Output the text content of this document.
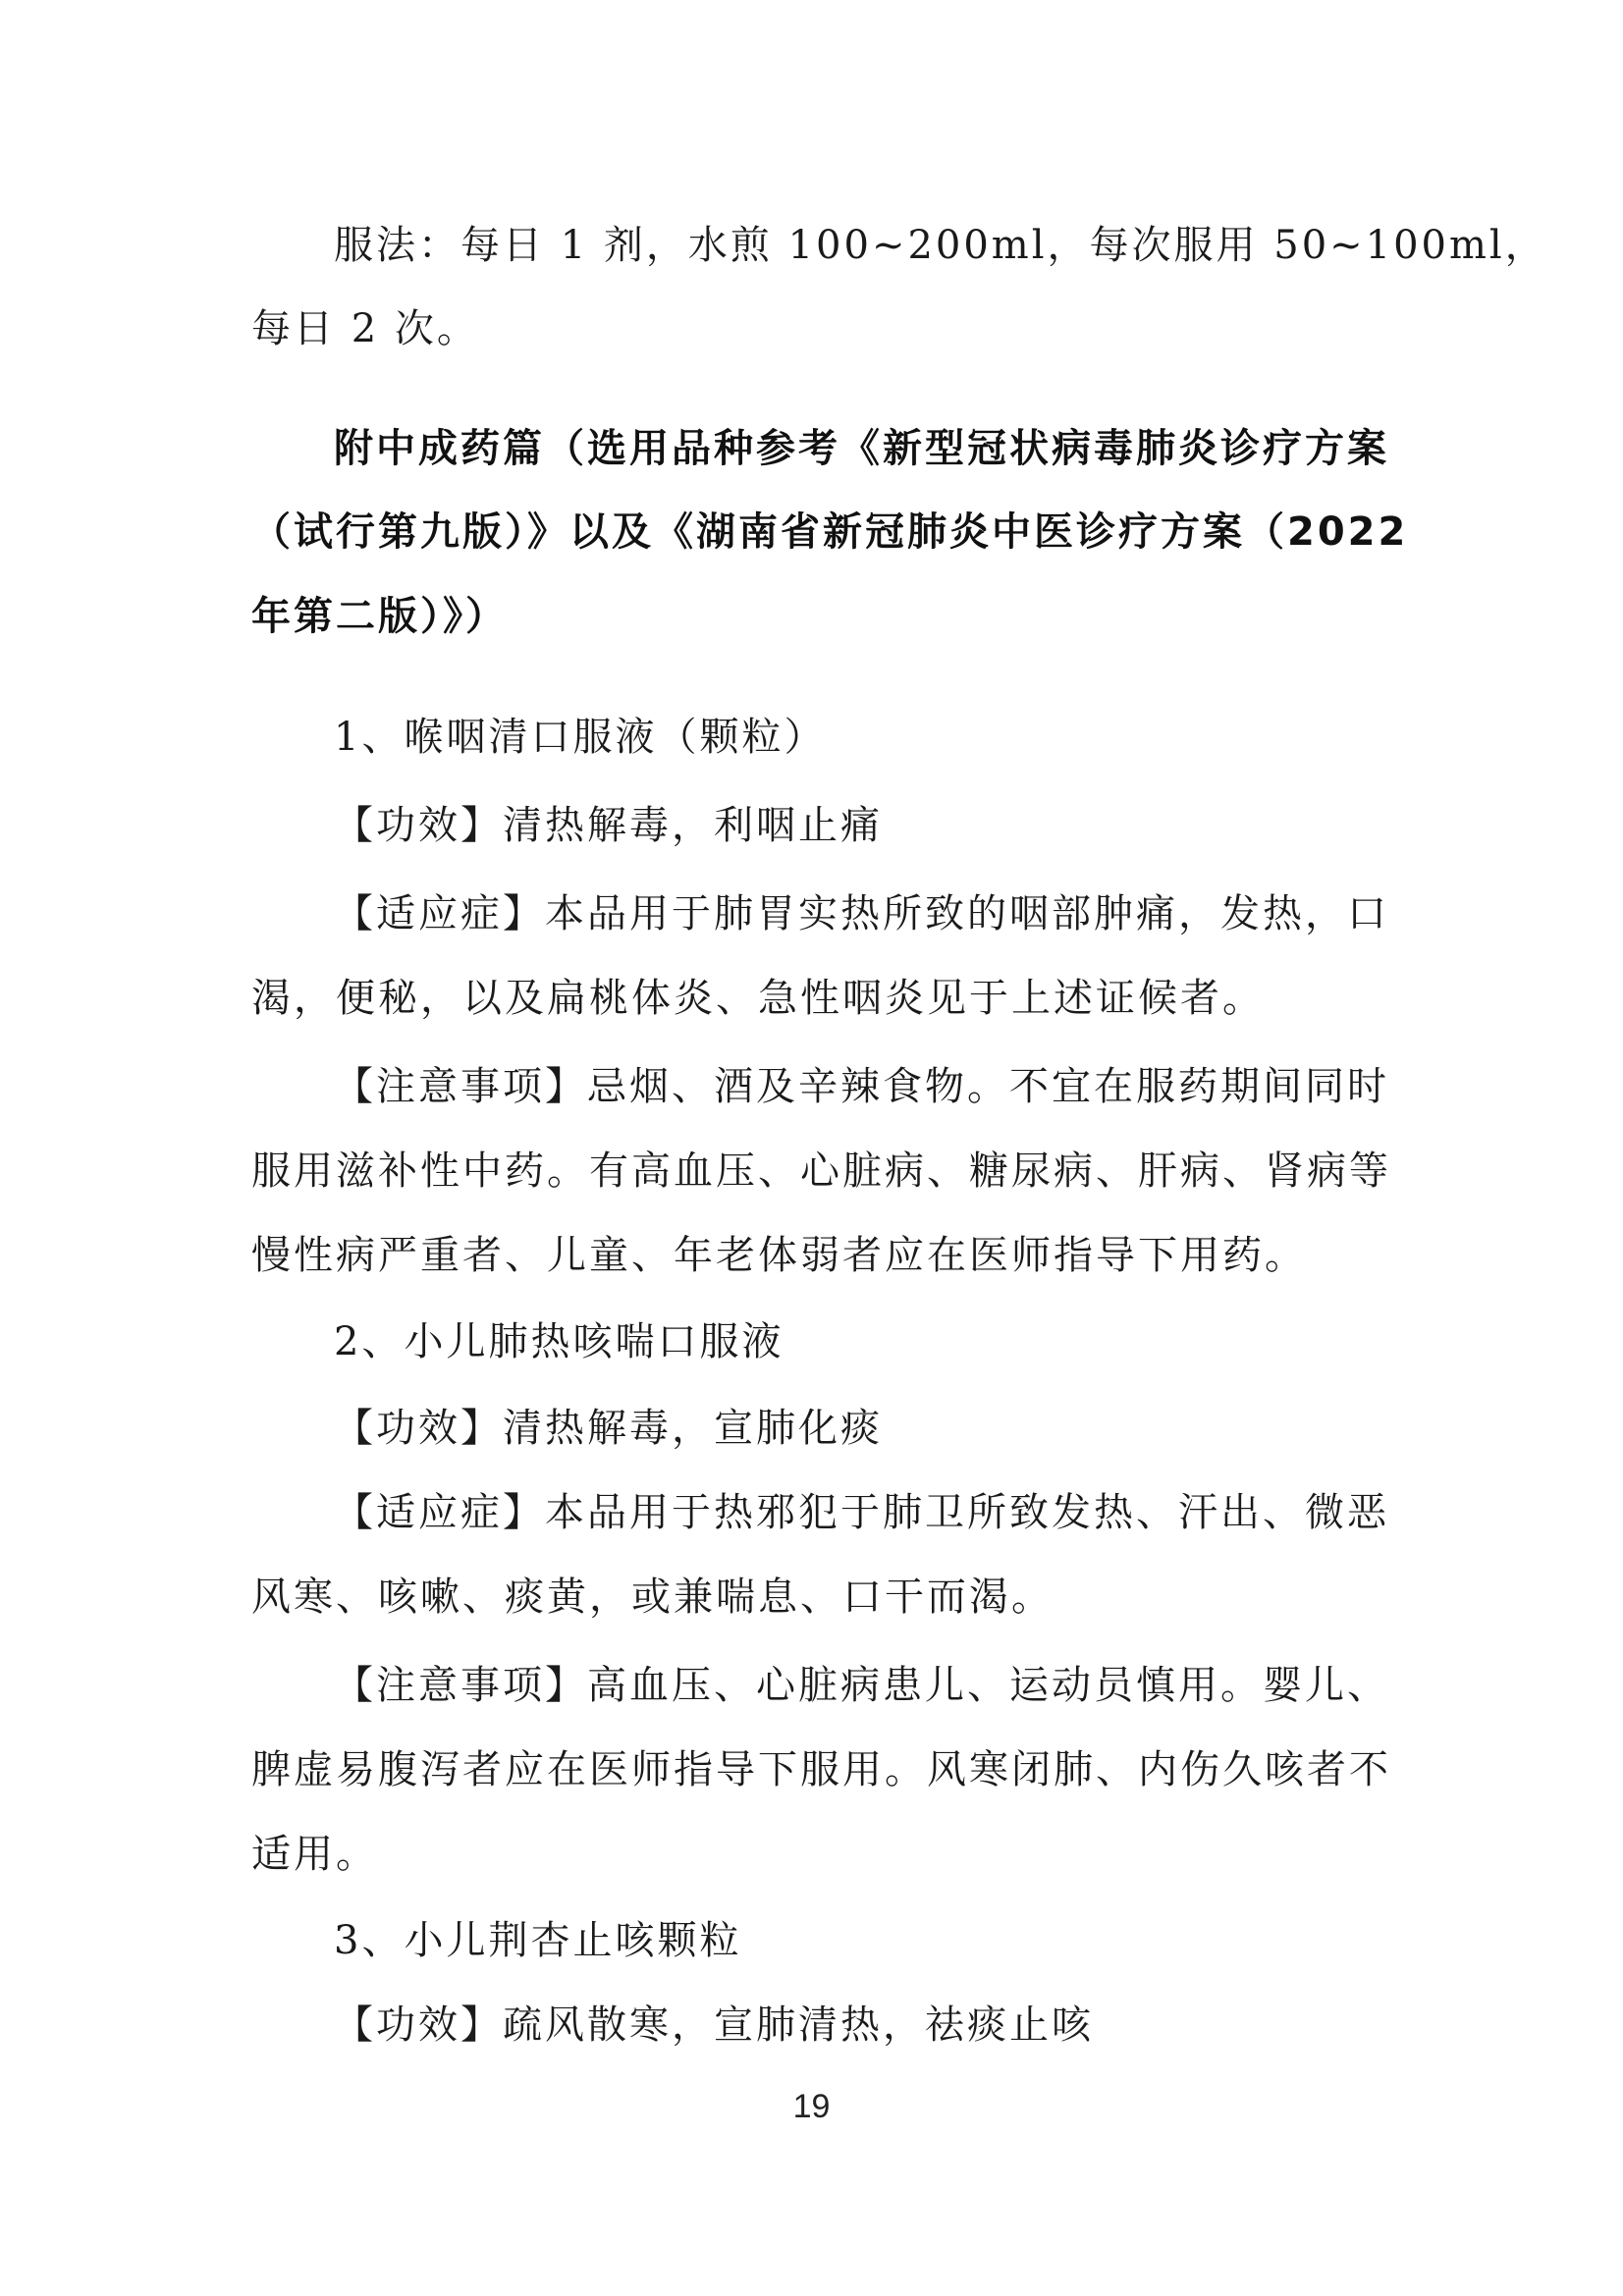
服法：每日 1 剂，水煎 100~200ml，每次服用 50~100ml，
每日 2 次。
附中成药篇（选用品种参考《新型冠状病毒肺炎诊疗方案
（试行第九版）》以及《湖南省新冠肺炎中医诊疗方案（2022
年第二版）》）
1、喉咽清口服液（颗粒）
【功效】清热解毒，利咽止痛
【适应症】本品用于肺胃实热所致的咽部肿痛，发热，口
渴，便秘，以及扁桃体炎、急性咽炎见于上述证候者。
【注意事项】忌烟、酒及辛辣食物。不宜在服药期间同时
服用滋补性中药。有高血压、心脏病、糖尿病、肝病、肾病等
慢性病严重者、儿童、年老体弱者应在医师指导下用药。
2、小儿肺热咳喘口服液
【功效】清热解毒，宣肺化痰
【适应症】本品用于热邪犯于肺卫所致发热、汗出、微恶
风寒、咳嗽、痰黄，或兼喘息、口干而渴。
【注意事项】高血压、心脏病患儿、运动员慎用。婴儿、
脾虚易腹泻者应在医师指导下服用。风寒闭肺、内伤久咳者不
适用。
3、小儿荆杏止咳颗粒
【功效】疏风散寒，宣肺清热，祛痰止咳
19
